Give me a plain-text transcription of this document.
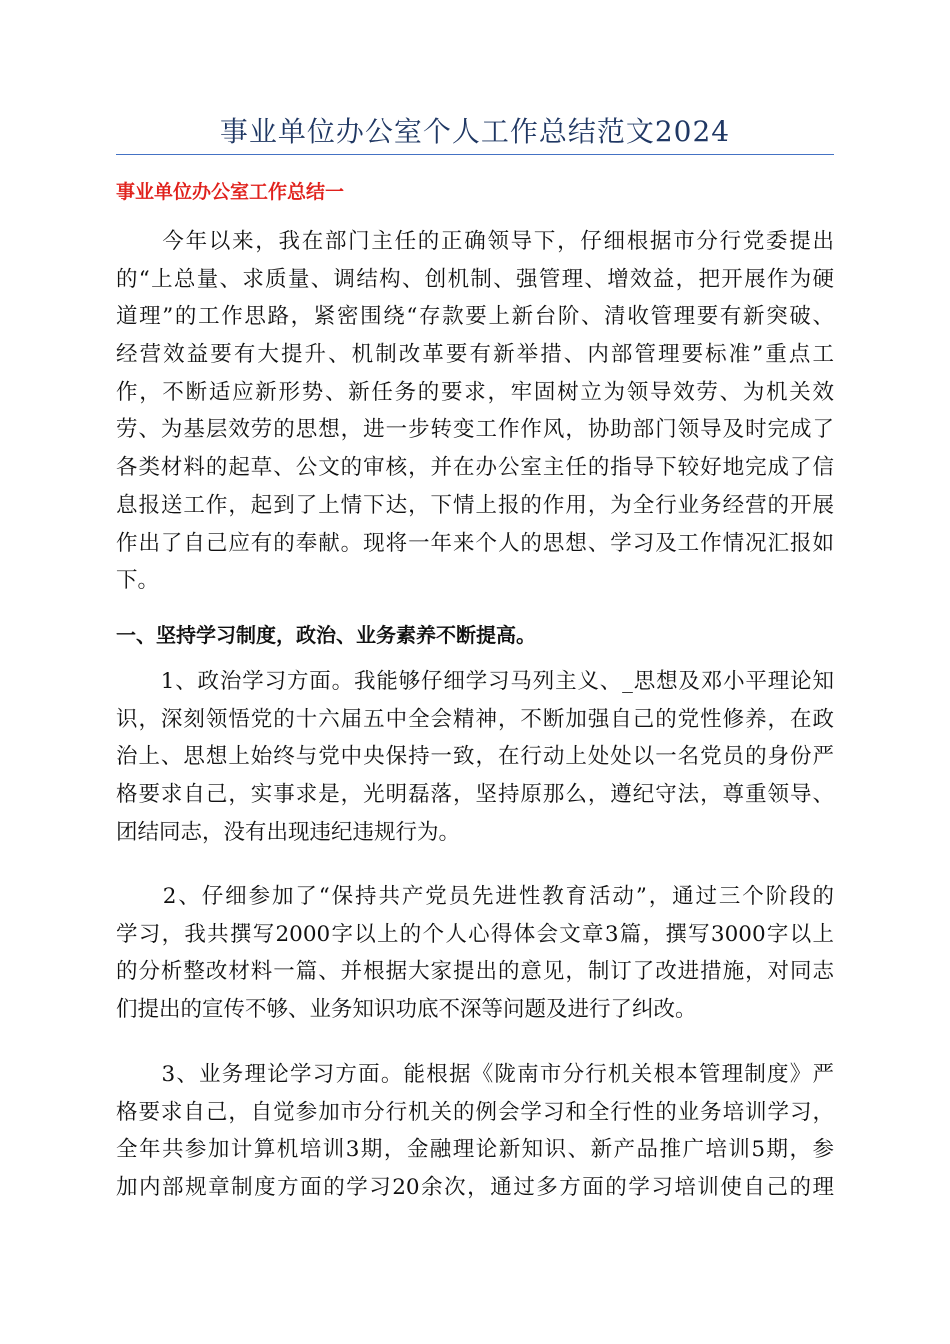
事业单位办公室个人工作总结范文2024
事业单位办公室工作总结一
　　今年以来，我在部门主任的正确领导下，仔细根据市分行党委提出
的“上总量、求质量、调结构、创机制、强管理、增效益，把开展作为硬
道理”的工作思路，紧密围绕“存款要上新台阶、清收管理要有新突破、
经营效益要有大提升、机制改革要有新举措、内部管理要标准”重点工
作，不断适应新形势、新任务的要求，牢固树立为领导效劳、为机关效
劳、为基层效劳的思想，进一步转变工作作风，协助部门领导及时完成了
各类材料的起草、公文的审核，并在办公室主任的指导下较好地完成了信
息报送工作，起到了上情下达，下情上报的作用，为全行业务经营的开展
作出了自己应有的奉献。现将一年来个人的思想、学习及工作情况汇报如
下。
一、坚持学习制度，政治、业务素养不断提高。
　　1、政治学习方面。我能够仔细学习马列主义、_思想及邓小平理论知
识，深刻领悟党的十六届五中全会精神，不断加强自己的党性修养，在政
治上、思想上始终与党中央保持一致，在行动上处处以一名党员的身份严
格要求自己，实事求是，光明磊落，坚持原那么，遵纪守法，尊重领导、
团结同志，没有出现违纪违规行为。
　　2、仔细参加了“保持共产党员先进性教育活动”，通过三个阶段的
学习，我共撰写2000字以上的个人心得体会文章3篇，撰写3000字以上
的分析整改材料一篇、并根据大家提出的意见，制订了改进措施，对同志
们提出的宣传不够、业务知识功底不深等问题及进行了纠改。
　　3、业务理论学习方面。能根据《陇南市分行机关根本管理制度》严
格要求自己，自觉参加市分行机关的例会学习和全行性的业务培训学习，
全年共参加计算机培训3期，金融理论新知识、新产品推广培训5期，参
加内部规章制度方面的学习20余次，通过多方面的学习培训使自己的理
